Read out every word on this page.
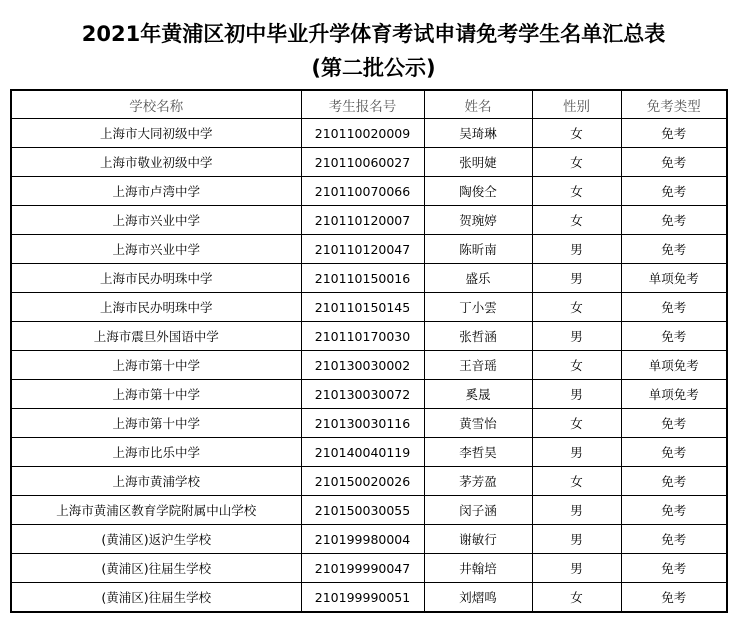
2021年黄浦区初中毕业升学体育考试申请免考学生名单汇总表
(第二批公示)
学校名称	考生报名号	姓名	性别	免考类型
上海市大同初级中学	210110020009	吴琦琳	女	免考
上海市敬业初级中学	210110060027	张明婕	女	免考
上海市卢湾中学	210110070066	陶俊仝	女	免考
上海市兴业中学	210110120007	贺琬婷	女	免考
上海市兴业中学	210110120047	陈昕南	男	免考
上海市民办明珠中学	210110150016	盛乐	男	单项免考
上海市民办明珠中学	210110150145	丁小雲	女	免考
上海市震旦外国语中学	210110170030	张哲涵	男	免考
上海市第十中学	210130030002	王音瑶	女	单项免考
上海市第十中学	210130030072	奚晟	男	单项免考
上海市第十中学	210130030116	黄雪怡	女	免考
上海市比乐中学	210140040119	李哲昊	男	免考
上海市黄浦学校	210150020026	茅芳盈	女	免考
上海市黄浦区教育学院附属中山学校	210150030055	闵子涵	男	免考
(黄浦区)返沪生学校	210199980004	谢敏行	男	免考
(黄浦区)往届生学校	210199990047	井翰培	男	免考
(黄浦区)往届生学校	210199990051	刘熠鸣	女	免考
